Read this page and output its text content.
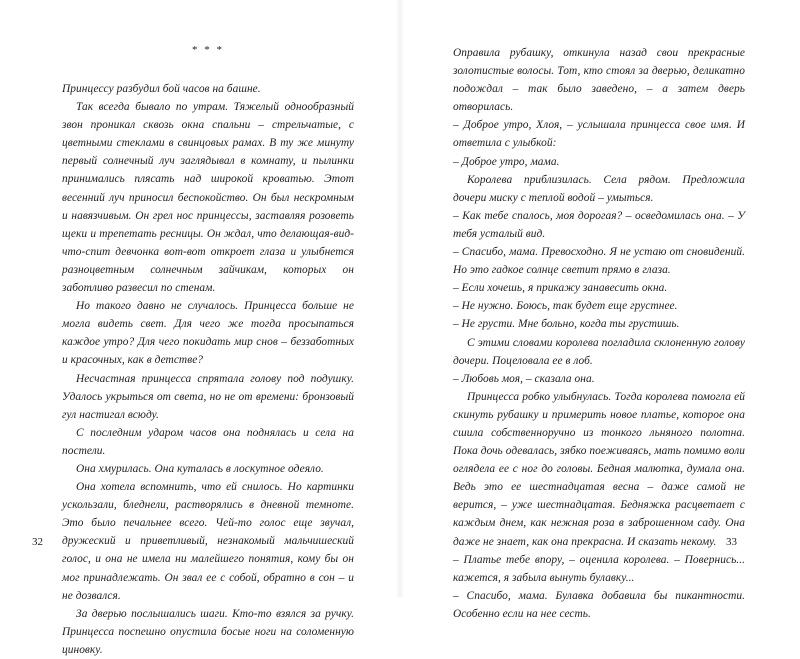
* * *

Принцессу разбудил бой часов на башне.

Так всегда бывало по утрам. Тяжелый однообразный звон проникал сквозь окна спальни – стрельчатые, с цветными стеклами в свинцовых рамах. В ту же минуту первый солнечный луч заглядывал в комнату, и пылинки принимались плясать над широкой кроватью. Этот весенний луч приносил беспокойство. Он был нескромным и навязчивым. Он грел нос принцессы, заставляя розоветь щеки и трепетать ресницы. Он ждал, что делающая-вид-что-спит девчонка вот-вот откроет глаза и улыбнется разноцветным солнечным зайчикам, которых он заботливо развесил по стенам.

Но такого давно не случалось. Принцесса больше не могла видеть свет. Для чего же тогда просыпаться каждое утро? Для чего покидать мир снов – беззаботных и красочных, как в детстве?

Несчастная принцесса спрятала голову под подушку. Удалось укрыться от света, но не от времени: бронзовый гул настигал всюду.

С последним ударом часов она поднялась и села на постели.

Она хмурилась. Она куталась в лоскутное одеяло.

Она хотела вспомнить, что ей снилось. Но картинки ускользали, бледнели, растворялись в дневной темноте. Это было печальнее всего. Чей-то голос еще звучал, дружеский и приветливый, незнакомый мальчишеский голос, и она не имела ни малейшего понятия, кому бы он мог принадлежать. Он звал ее с собой, обратно в сон – и не дозвался.

За дверью послышались шаги. Кто-то взялся за ручку. Принцесса поспешно опустила босые ноги на соломенную циновку.

32

Оправила рубашку, откинула назад свои прекрасные золотистые волосы. Тот, кто стоял за дверью, деликатно подождал – так было заведено, – а затем дверь отворилась.

– Доброе утро, Хлоя, – услышала принцесса свое имя. И ответила с улыбкой:

– Доброе утро, мама.

Королева приблизилась. Села рядом. Предложила дочери миску с теплой водой – умыться.

– Как тебе спалось, моя дорогая? – осведомилась она. – У тебя усталый вид.

– Спасибо, мама. Превосходно. Я не устаю от сновидений. Но это гадкое солнце светит прямо в глаза.

– Если хочешь, я прикажу занавесить окна.

– Не нужно. Боюсь, так будет еще грустнее.

– Не грусти. Мне больно, когда ты грустишь.

С этими словами королева погладила склоненную голову дочери. Поцеловала ее в лоб.

– Любовь моя, – сказала она.

Принцесса робко улыбнулась. Тогда королева помогла ей скинуть рубашку и примерить новое платье, которое она сшила собственноручно из тонкого льняного полотна. Пока дочь одевалась, зябко поеживаясь, мать помимо воли оглядела ее с ног до головы. Бедная малютка, думала она. Ведь это ее шестнадцатая весна – даже самой не верится, – уже шестнадцатая. Бедняжка расцветает с каждым днем, как нежная роза в заброшенном саду. Она даже не знает, как она прекрасна. И сказать некому.

– Платье тебе впору, – оценила королева. – Повернись... кажется, я забыла вынуть булавку...

– Спасибо, мама. Булавка добавила бы пикантности. Особенно если на нее сесть.

33
